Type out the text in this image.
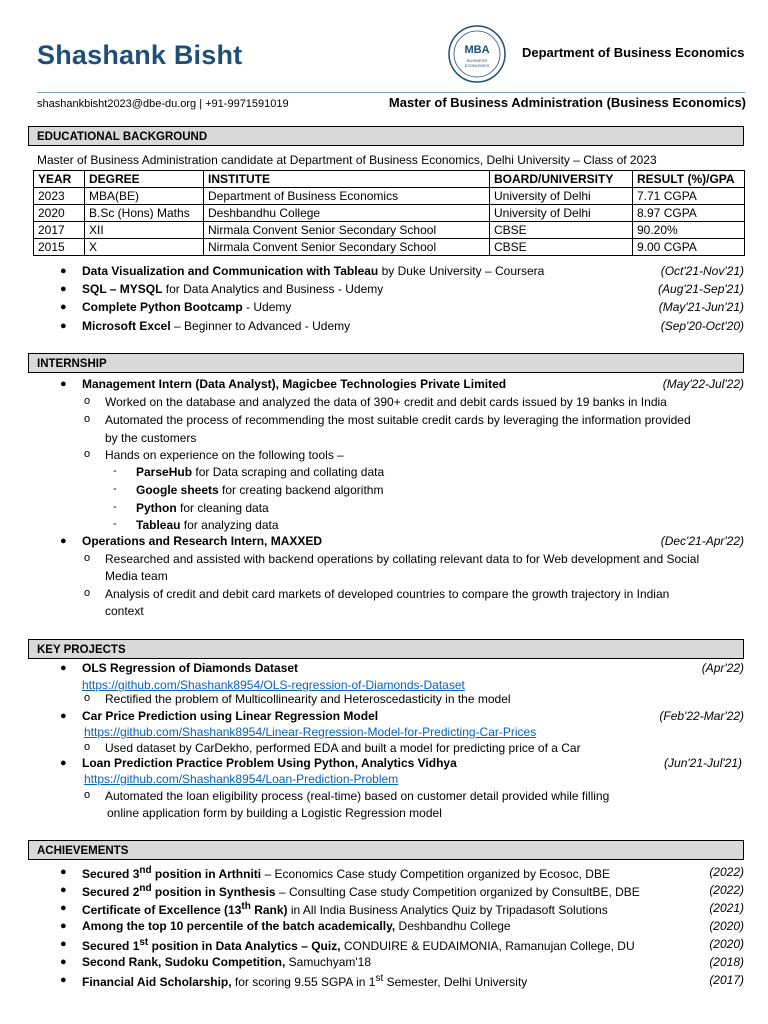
Shashank Bisht	MBA
BUSINESS
ECONOMICS
Department of Business Economics
shashankbisht2023@dbe-du.org | +91-9971591019	Master of Business Administration (Business Economics)
EDUCATIONAL BACKGROUND
Master of Business Administration candidate at Department of Business Economics, Delhi University – Class of 2023
YEAR	DEGREE	INSTITUTE	BOARD/UNIVERSITY	RESULT (%)/GPA
2023	MBA(BE)	Department of Business Economics	University of Delhi	7.71 CGPA
2020	B.Sc (Hons) Maths	Deshbandhu College	University of Delhi	8.97 CGPA
2017	XII	Nirmala Convent Senior Secondary School	CBSE	90.20%
2015	X	Nirmala Convent Senior Secondary School	CBSE	9.00 CGPA
● Data Visualization and Communication with Tableau by Duke University – Coursera	(Oct'21-Nov'21)
● SQL – MYSQL for Data Analytics and Business - Udemy	(Aug'21-Sep'21)
● Complete Python Bootcamp - Udemy	(May'21-Jun'21)
● Microsoft Excel – Beginner to Advanced - Udemy	(Sep'20-Oct'20)
INTERNSHIP
● Management Intern (Data Analyst), Magicbee Technologies Private Limited	(May'22-Jul'22)
o Worked on the database and analyzed the data of 390+ credit and debit cards issued by 19 banks in India
o Automated the process of recommending the most suitable credit cards by leveraging the information provided
by the customers
o Hands on experience on the following tools –
- ParseHub for Data scraping and collating data
- Google sheets for creating backend algorithm
- Python for cleaning data
- Tableau for analyzing data
● Operations and Research Intern, MAXXED	(Dec'21-Apr'22)
o Researched and assisted with backend operations by collating relevant data to for Web development and Social
Media team
o Analysis of credit and debit card markets of developed countries to compare the growth trajectory in Indian
context
KEY PROJECTS
● OLS Regression of Diamonds Dataset	(Apr'22)
https://github.com/Shashank8954/OLS-regression-of-Diamonds-Dataset
o Rectified the problem of Multicollinearity and Heteroscedasticity in the model
● Car Price Prediction using Linear Regression Model	(Feb'22-Mar'22)
https://github.com/Shashank8954/Linear-Regression-Model-for-Predicting-Car-Prices
o Used dataset by CarDekho, performed EDA and built a model for predicting price of a Car
● Loan Prediction Practice Problem Using Python, Analytics Vidhya	(Jun'21-Jul'21)
https://github.com/Shashank8954/Loan-Prediction-Problem
o Automated the loan eligibility process (real-time) based on customer detail provided while filling
online application form by building a Logistic Regression model
ACHIEVEMENTS
● Secured 3nd position in Arthniti – Economics Case study Competition organized by Ecosoc, DBE	(2022)
● Secured 2nd position in Synthesis – Consulting Case study Competition organized by ConsultBE, DBE	(2022)
● Certificate of Excellence (13th Rank) in All India Business Analytics Quiz by Tripadasoft Solutions	(2021)
● Among the top 10 percentile of the batch academically, Deshbandhu College	(2020)
● Secured 1st position in Data Analytics – Quiz, CONDUIRE & EUDAIMONIA, Ramanujan College, DU	(2020)
● Second Rank, Sudoku Competition, Samuchyam'18	(2018)
● Financial Aid Scholarship, for scoring 9.55 SGPA in 1st Semester, Delhi University	(2017)
